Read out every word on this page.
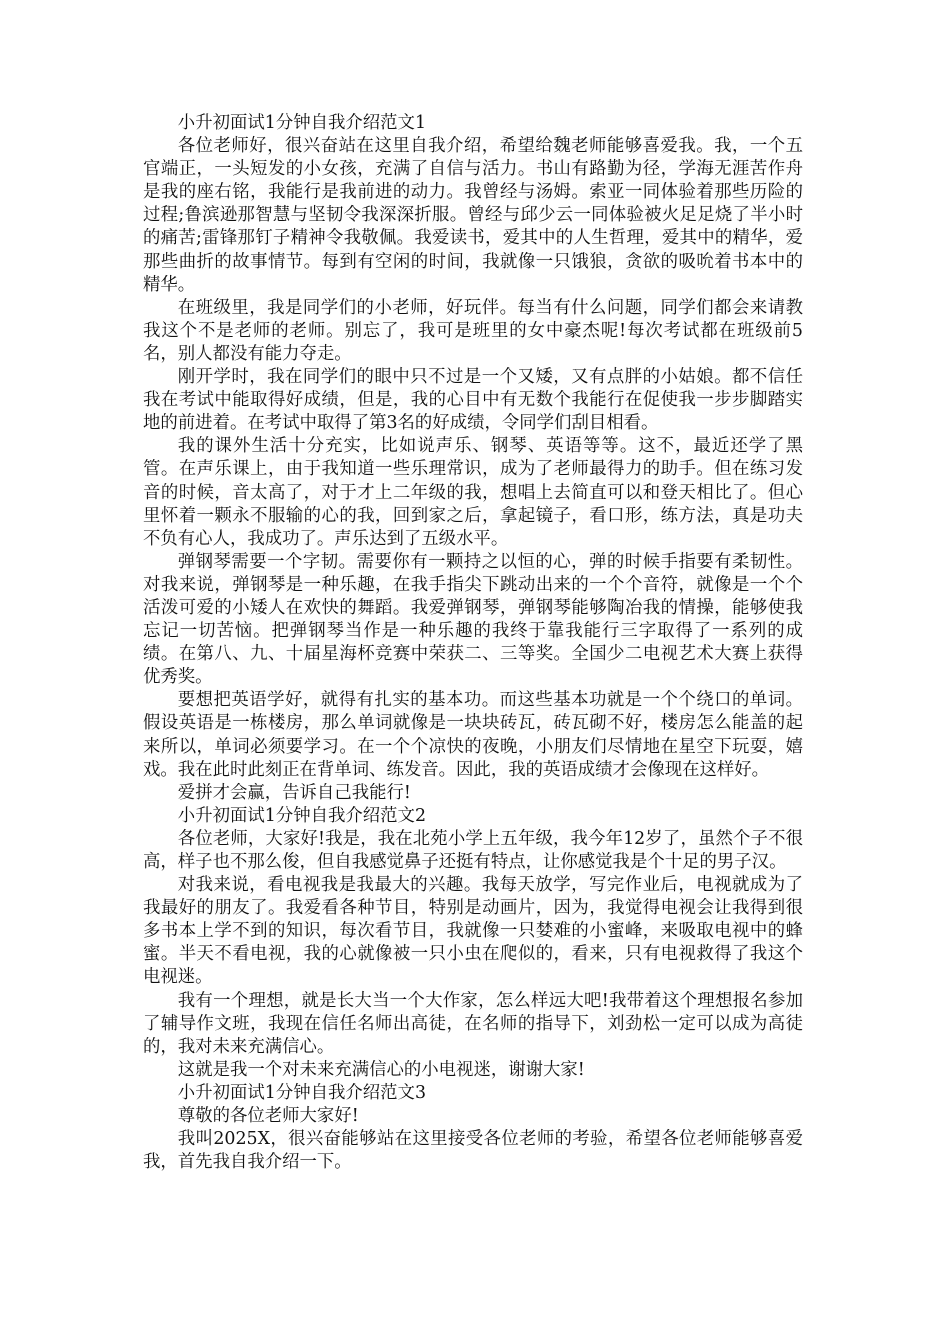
小升初面试1分钟自我介绍范文1

各位老师好，很兴奋站在这里自我介绍，希望给魏老师能够喜爱我。我，一个五官端正，一头短发的小女孩，充满了自信与活力。书山有路勤为径，学海无涯苦作舟是我的座右铭，我能行是我前进的动力。我曾经与汤姆。索亚一同体验着那些历险的过程;鲁滨逊那智慧与坚韧令我深深折服。曾经与邱少云一同体验被火足足烧了半小时的痛苦;雷锋那钉子精神令我敬佩。我爱读书，爱其中的人生哲理，爱其中的精华，爱那些曲折的故事情节。每到有空闲的时间，我就像一只饿狼，贪欲的吸吮着书本中的精华。

在班级里，我是同学们的小老师，好玩伴。每当有什么问题，同学们都会来请教我这个不是老师的老师。别忘了，我可是班里的女中豪杰呢!每次考试都在班级前5名，别人都没有能力夺走。

刚开学时，我在同学们的眼中只不过是一个又矮，又有点胖的小姑娘。都不信任我在考试中能取得好成绩，但是，我的心目中有无数个我能行在促使我一步步脚踏实地的前进着。在考试中取得了第3名的好成绩，令同学们刮目相看。

我的课外生活十分充实，比如说声乐、钢琴、英语等等。这不，最近还学了黑管。在声乐课上，由于我知道一些乐理常识，成为了老师最得力的助手。但在练习发音的时候，音太高了，对于才上二年级的我，想唱上去简直可以和登天相比了。但心里怀着一颗永不服输的心的我，回到家之后，拿起镜子，看口形，练方法，真是功夫不负有心人，我成功了。声乐达到了五级水平。

弹钢琴需要一个字韧。需要你有一颗持之以恒的心，弹的时候手指要有柔韧性。对我来说，弹钢琴是一种乐趣，在我手指尖下跳动出来的一个个音符，就像是一个个活泼可爱的小矮人在欢快的舞蹈。我爱弹钢琴，弹钢琴能够陶冶我的情操，能够使我忘记一切苦恼。把弹钢琴当作是一种乐趣的我终于靠我能行三字取得了一系列的成绩。在第八、九、十届星海杯竞赛中荣获二、三等奖。全国少二电视艺术大赛上获得优秀奖。

要想把英语学好，就得有扎实的基本功。而这些基本功就是一个个绕口的单词。假设英语是一栋楼房，那么单词就像是一块块砖瓦，砖瓦砌不好，楼房怎么能盖的起来所以，单词必须要学习。在一个个凉快的夜晚，小朋友们尽情地在星空下玩耍，嬉戏。我在此时此刻正在背单词、练发音。因此，我的英语成绩才会像现在这样好。

爱拼才会赢，告诉自己我能行!

小升初面试1分钟自我介绍范文2

各位老师，大家好!我是，我在北苑小学上五年级，我今年12岁了，虽然个子不很高，样子也不那么俊，但自我感觉鼻子还挺有特点，让你感觉我是个十足的男子汉。

对我来说，看电视我是我最大的兴趣。我每天放学，写完作业后，电视就成为了我最好的朋友了。我爱看各种节目，特别是动画片，因为，我觉得电视会让我得到很多书本上学不到的知识，每次看节目，我就像一只婪难的小蜜峰，来吸取电视中的蜂蜜。半天不看电视，我的心就像被一只小虫在爬似的，看来，只有电视救得了我这个电视迷。

我有一个理想，就是长大当一个大作家，怎么样远大吧!我带着这个理想报名参加了辅导作文班，我现在信任名师出高徒，在名师的指导下，刘劲松一定可以成为高徒的，我对未来充满信心。

这就是我一个对未来充满信心的小电视迷，谢谢大家!

小升初面试1分钟自我介绍范文3

尊敬的各位老师大家好!

我叫2025X，很兴奋能够站在这里接受各位老师的考验，希望各位老师能够喜爱我，首先我自我介绍一下。
